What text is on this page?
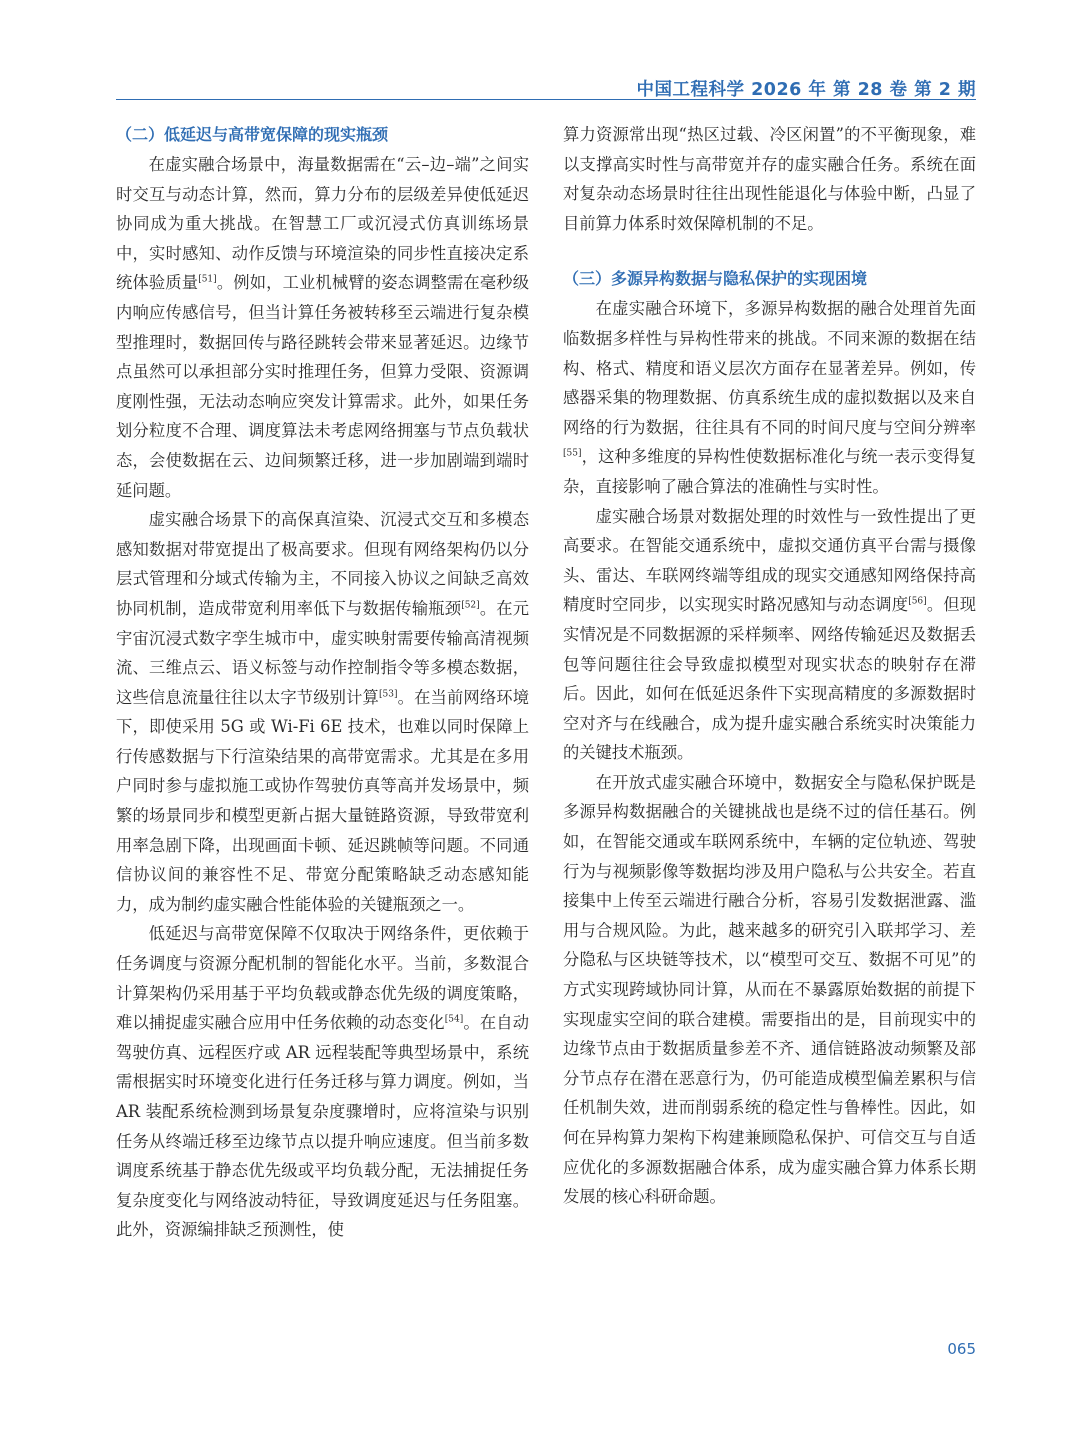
中国工程科学 2026 年 第 28 卷 第 2 期
（二）低延迟与高带宽保障的现实瓶颈

在虚实融合场景中，海量数据需在“云–边–端”之间实时交互与动态计算，然而，算力分布的层级差异使低延迟协同成为重大挑战。在智慧工厂或沉浸式仿真训练场景中，实时感知、动作反馈与环境渲染的同步性直接决定系统体验质量[51]。例如，工业机械臂的姿态调整需在毫秒级内响应传感信号，但当计算任务被转移至云端进行复杂模型推理时，数据回传与路径跳转会带来显著延迟。边缘节点虽然可以承担部分实时推理任务，但算力受限、资源调度刚性强，无法动态响应突发计算需求。此外，如果任务划分粒度不合理、调度算法未考虑网络拥塞与节点负载状态，会使数据在云、边间频繁迁移，进一步加剧端到端时延问题。

虚实融合场景下的高保真渲染、沉浸式交互和多模态感知数据对带宽提出了极高要求。但现有网络架构仍以分层式管理和分域式传输为主，不同接入协议之间缺乏高效协同机制，造成带宽利用率低下与数据传输瓶颈[52]。在元宇宙沉浸式数字孪生城市中，虚实映射需要传输高清视频流、三维点云、语义标签与动作控制指令等多模态数据，这些信息流量往往以太字节级别计算[53]。在当前网络环境下，即使采用 5G 或 Wi-Fi 6E 技术，也难以同时保障上行传感数据与下行渲染结果的高带宽需求。尤其是在多用户同时参与虚拟施工或协作驾驶仿真等高并发场景中，频繁的场景同步和模型更新占据大量链路资源，导致带宽利用率急剧下降，出现画面卡顿、延迟跳帧等问题。不同通信协议间的兼容性不足、带宽分配策略缺乏动态感知能力，成为制约虚实融合性能体验的关键瓶颈之一。

低延迟与高带宽保障不仅取决于网络条件，更依赖于任务调度与资源分配机制的智能化水平。当前，多数混合计算架构仍采用基于平均负载或静态优先级的调度策略，难以捕捉虚实融合应用中任务依赖的动态变化[54]。在自动驾驶仿真、远程医疗或 AR 远程装配等典型场景中，系统需根据实时环境变化进行任务迁移与算力调度。例如，当 AR 装配系统检测到场景复杂度骤增时，应将渲染与识别任务从终端迁移至边缘节点以提升响应速度。但当前多数调度系统基于静态优先级或平均负载分配，无法捕捉任务复杂度变化与网络波动特征，导致调度延迟与任务阻塞。此外，资源编排缺乏预测性，使

算力资源常出现“热区过载、冷区闲置”的不平衡现象，难以支撑高实时性与高带宽并存的虚实融合任务。系统在面对复杂动态场景时往往出现性能退化与体验中断，凸显了目前算力体系时效保障机制的不足。

（三）多源异构数据与隐私保护的实现困境

在虚实融合环境下，多源异构数据的融合处理首先面临数据多样性与异构性带来的挑战。不同来源的数据在结构、格式、精度和语义层次方面存在显著差异。例如，传感器采集的物理数据、仿真系统生成的虚拟数据以及来自网络的行为数据，往往具有不同的时间尺度与空间分辨率[55]，这种多维度的异构性使数据标准化与统一表示变得复杂，直接影响了融合算法的准确性与实时性。

虚实融合场景对数据处理的时效性与一致性提出了更高要求。在智能交通系统中，虚拟交通仿真平台需与摄像头、雷达、车联网终端等组成的现实交通感知网络保持高精度时空同步，以实现实时路况感知与动态调度[56]。但现实情况是不同数据源的采样频率、网络传输延迟及数据丢包等问题往往会导致虚拟模型对现实状态的映射存在滞后。因此，如何在低延迟条件下实现高精度的多源数据时空对齐与在线融合，成为提升虚实融合系统实时决策能力的关键技术瓶颈。

在开放式虚实融合环境中，数据安全与隐私保护既是多源异构数据融合的关键挑战也是绕不过的信任基石。例如，在智能交通或车联网系统中，车辆的定位轨迹、驾驶行为与视频影像等数据均涉及用户隐私与公共安全。若直接集中上传至云端进行融合分析，容易引发数据泄露、滥用与合规风险。为此，越来越多的研究引入联邦学习、差分隐私与区块链等技术，以“模型可交互、数据不可见”的方式实现跨域协同计算，从而在不暴露原始数据的前提下实现虚实空间的联合建模。需要指出的是，目前现实中的边缘节点由于数据质量参差不齐、通信链路波动频繁及部分节点存在潜在恶意行为，仍可能造成模型偏差累积与信任机制失效，进而削弱系统的稳定性与鲁棒性。因此，如何在异构算力架构下构建兼顾隐私保护、可信交互与自适应优化的多源数据融合体系，成为虚实融合算力体系长期发展的核心科研命题。

065
